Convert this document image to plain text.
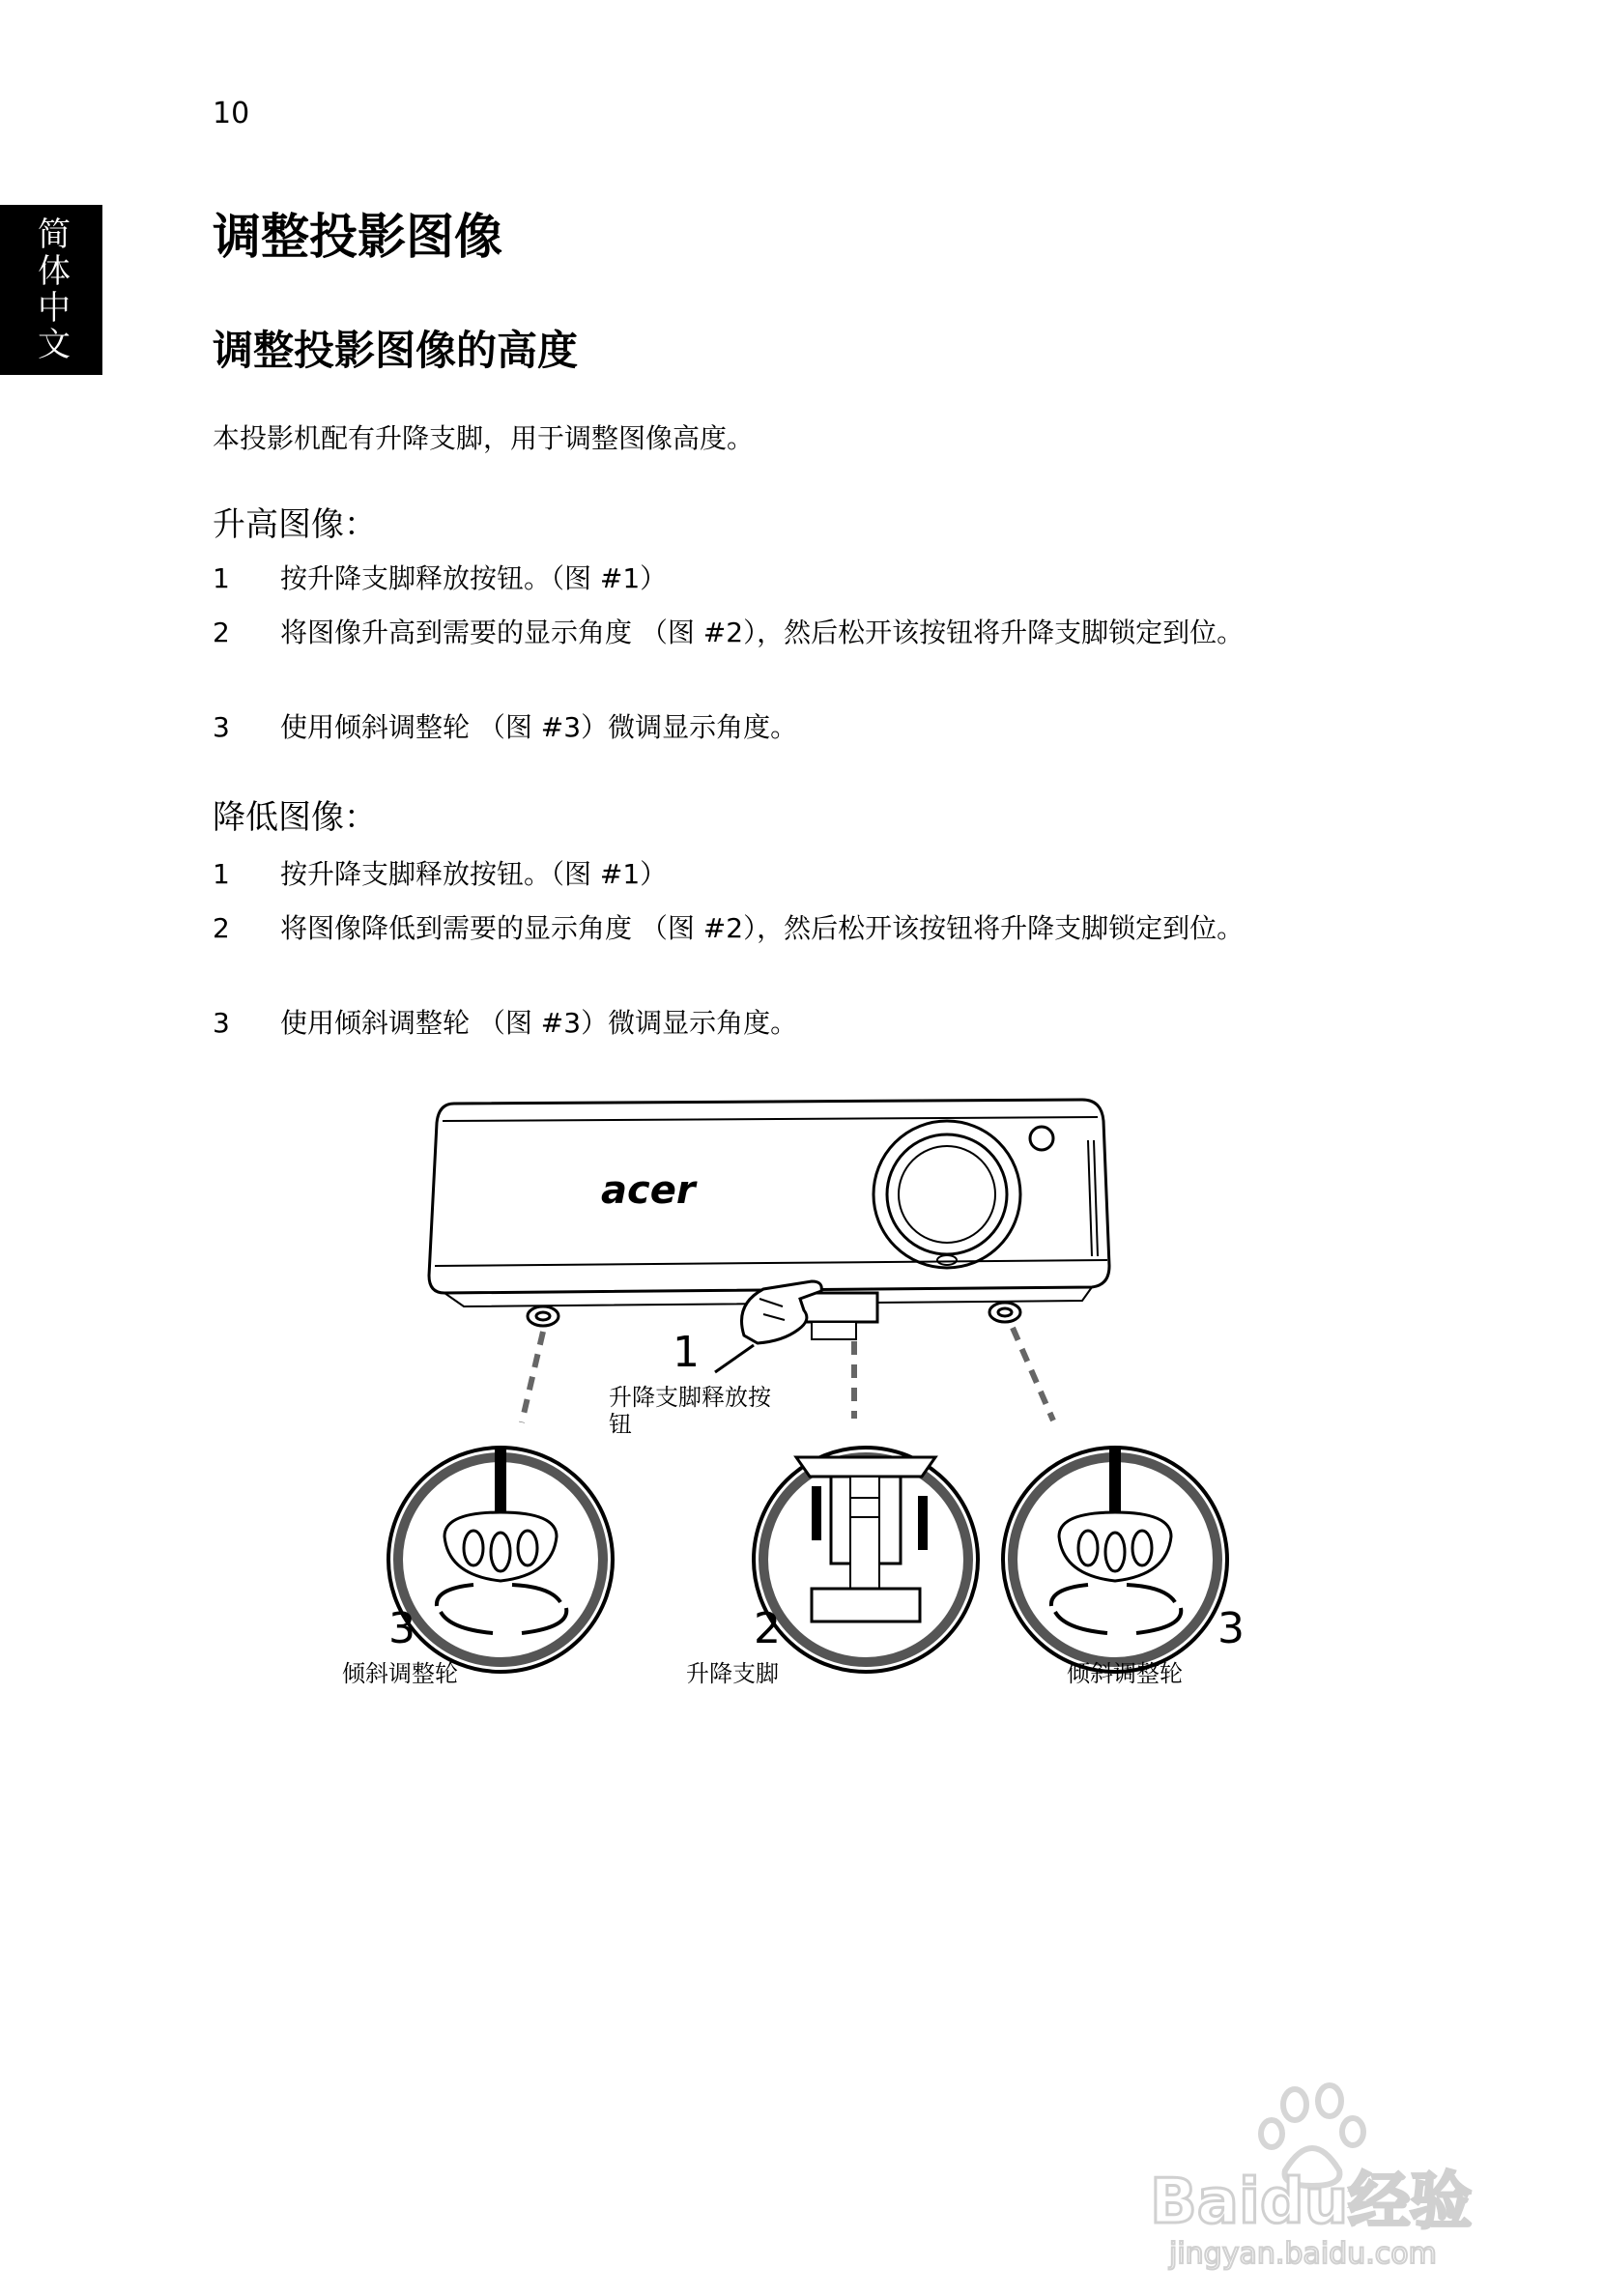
10
简体中文	调整投影图像
调整投影图像的高度
本投影机配有升降支脚，用于调整图像高度。
升高图像：
1	按升降支脚释放按钮。（图 #1）
2	将图像升高到需要的显示角度 （图 #2），然后松开该按钮将升降支脚锁定到位。
3	使用倾斜调整轮 （图 #3）微调显示角度。
降低图像：
1	按升降支脚释放按钮。（图 #1）
2	将图像降低到需要的显示角度 （图 #2），然后松开该按钮将升降支脚锁定到位。
3	使用倾斜调整轮 （图 #3）微调显示角度。
acer
1
升降支脚释放按
钮
2
升降支脚
3
倾斜调整轮
3
倾斜调整轮
Baidu经验
jingyan.baidu.com
